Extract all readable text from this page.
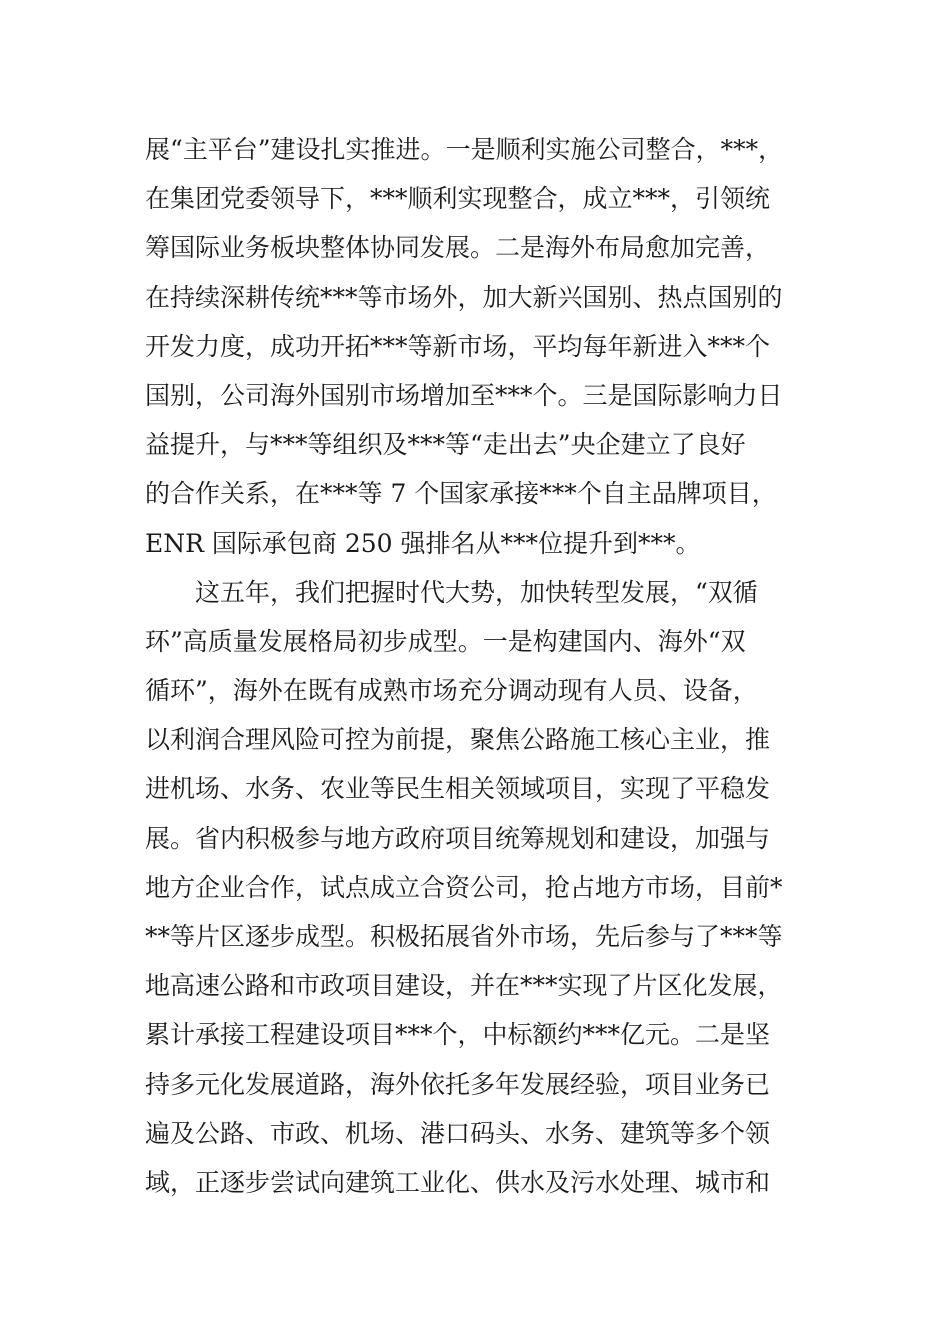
展“主平台”建设扎实推进。一是顺利实施公司整合，***，
在集团党委领导下，***顺利实现整合，成立***，引领统
筹国际业务板块整体协同发展。二是海外布局愈加完善，
在持续深耕传统***等市场外，加大新兴国别、热点国别的
开发力度，成功开拓***等新市场，平均每年新进入***个
国别，公司海外国别市场增加至***个。三是国际影响力日
益提升，与***等组织及***等“走出去”央企建立了良好
的合作关系，在***等 7 个国家承接***个自主品牌项目，
ENR 国际承包商 250 强排名从***位提升到***。
这五年，我们把握时代大势，加快转型发展，“双循
环”高质量发展格局初步成型。一是构建国内、海外“双
循环”，海外在既有成熟市场充分调动现有人员、设备，
以利润合理风险可控为前提，聚焦公路施工核心主业，推
进机场、水务、农业等民生相关领域项目，实现了平稳发
展。省内积极参与地方政府项目统筹规划和建设，加强与
地方企业合作，试点成立合资公司，抢占地方市场，目前*
**等片区逐步成型。积极拓展省外市场，先后参与了***等
地高速公路和市政项目建设，并在***实现了片区化发展，
累计承接工程建设项目***个，中标额约***亿元。二是坚
持多元化发展道路，海外依托多年发展经验，项目业务已
遍及公路、市政、机场、港口码头、水务、建筑等多个领
域，正逐步尝试向建筑工业化、供水及污水处理、城市和
